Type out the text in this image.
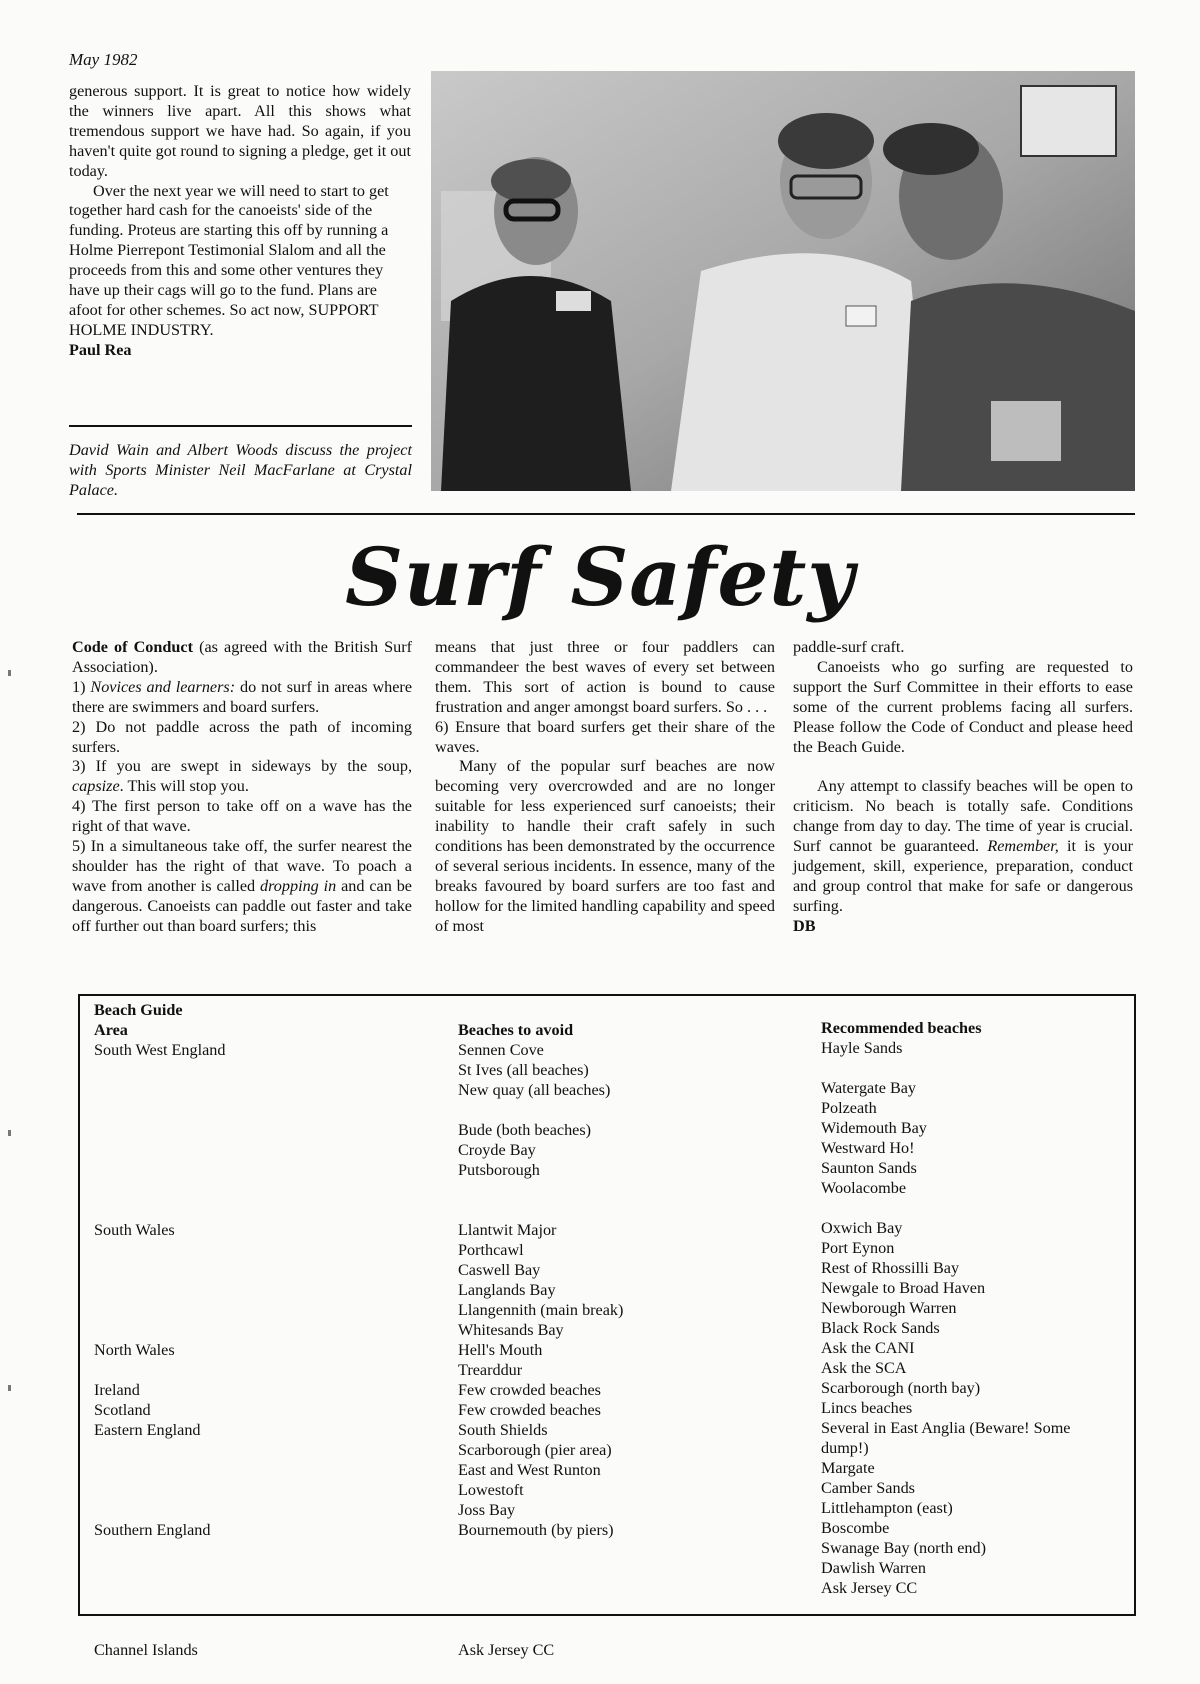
May 1982

generous support. It is great to notice how widely the winners live apart. All this shows what tremendous support we have had. So again, if you haven't quite got round to signing a pledge, get it out today.

Over the next year we will need to start to get together hard cash for the canoeists' side of the funding. Proteus are starting this off by running a Holme Pierrepont Testimonial Slalom and all the proceeds from this and some other ventures they have up their cags will go to the fund. Plans are afoot for other schemes. So act now, SUPPORT HOLME INDUSTRY.

Paul Rea
David Wain and Albert Woods discuss the project with Sports Minister Neil MacFarlane at Crystal Palace.
Surf Safety

Code of Conduct (as agreed with the British Surf Association).

1) Novices and learners: do not surf in areas where there are swimmers and board surfers.

2) Do not paddle across the path of incoming surfers.

3) If you are swept in sideways by the soup, capsize. This will stop you.

4) The first person to take off on a wave has the right of that wave.

5) In a simultaneous take off, the surfer nearest the shoulder has the right of that wave. To poach a wave from another is called dropping in and can be dangerous. Canoeists can paddle out faster and take off further out than board surfers; this

means that just three or four paddlers can commandeer the best waves of every set between them. This sort of action is bound to cause frustration and anger amongst board surfers. So . . .

6) Ensure that board surfers get their share of the waves.

Many of the popular surf beaches are now becoming very overcrowded and are no longer suitable for less experienced surf canoeists; their inability to handle their craft safely in such conditions has been demonstrated by the occurrence of several serious incidents. In essence, many of the breaks favoured by board surfers are too fast and hollow for the limited handling capability and speed of most

paddle-surf craft.

Canoeists who go surfing are requested to support the Surf Committee in their efforts to ease some of the current problems facing all surfers. Please follow the Code of Conduct and please heed the Beach Guide.

Any attempt to classify beaches will be open to criticism. No beach is totally safe. Conditions change from day to day. The time of year is crucial. Surf cannot be guaranteed. Remember, it is your judgement, skill, experience, preparation, conduct and group control that make for safe or dangerous surfing.

DB
Beach Guide
Area
South West England

South Wales

North Wales

Ireland
Scotland
Eastern England

Southern England

Channel Islands
Beaches to avoid
Sennen Cove
St Ives (all beaches)
New quay (all beaches)

Bude (both beaches)
Croyde Bay
Putsborough

Llantwit Major
Porthcawl
Caswell Bay
Langlands Bay
Llangennith (main break)
Whitesands Bay
Hell's Mouth
Trearddur
Few crowded beaches
Few crowded beaches
South Shields
Scarborough (pier area)
East and West Runton
Lowestoft
Joss Bay
Bournemouth (by piers)

Ask Jersey CC
Recommended beaches
Hayle Sands

Watergate Bay
Polzeath
Widemouth Bay
Westward Ho!
Saunton Sands
Woolacombe

Oxwich Bay
Port Eynon
Rest of Rhossilli Bay
Newgale to Broad Haven
Newborough Warren
Black Rock Sands
Ask the CANI
Ask the SCA
Scarborough (north bay)
Lincs beaches
Several in East Anglia (Beware! Some
dump!)
Margate
Camber Sands
Littlehampton (east)
Boscombe
Swanage Bay (north end)
Dawlish Warren
Ask Jersey CC
